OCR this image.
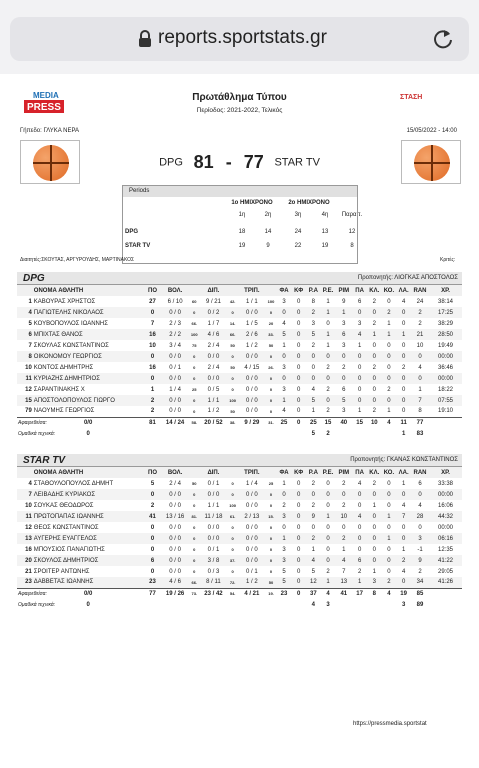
reports.sportstats.gr
MEDIA
PRESS
Πρωτάθλημα Τύπου
Περίοδος: 2021-2022, Τελικός
ΣΤΑΣΗ
Γήπεδο: ΓΛΥΚΑ ΝΕΡΑ	15/05/2022 - 14:00
DPG 81 - 77 STAR TV
Periods
1ο ΗΜΙΧΡΟΝΟ	2ο ΗΜΙΧΡΟΝΟ
1η	2η	3η	4η	Παρα τ.
DPG	18	14	24	13	12
STAR TV	19	9	22	19	8
Διαιτητές:ΣΚΟΥΤΑΣ, ΑΡΓΥΡΟΥΔΗΣ, ΜΑΡΤΙΝΑΚΟΣ	Κριτές:
DPG	Προπονητής: ΛΙΟΓΚΑΣ ΑΠΟΣΤΟΛΟΣ
	ΟΝΟΜΑ ΑΘΛΗΤΗ	ΠΟ	ΒΟΛ.		ΔΙΠ.		ΤΡΙΠ.		ΦΑ	ΚΦ	Ρ.Α	Ρ.Ε.	ΡΙΜ	ΠΑ	ΚΛ.	ΚΟ.	ΛΑ.	RAN	ΧΡ.
1	ΚΑΒΟΥΡΑΣ ΧΡΗΣΤΟΣ	27	6 / 10	60	9 / 21	42.	1 / 1	100	3	0	8	1	9	6	2	0	4	24	38:14
4	ΠΑΓΙΩΤΕΛΗΣ ΝΙΚΟΛΑΟΣ	0	0 / 0	0	0 / 2	0	0 / 0	0	0	0	2	1	1	0	0	2	0	2	17:25
5	ΚΟΥΒΟΠΟΥΛΟΣ ΙΩΑΝΝΗΣ	7	2 / 3	66.	1 / 7	14.	1 / 5	20	4	0	3	0	3	3	2	1	0	2	38:29
6	ΜΠΙΧΤΑΣ ΘΑΝΟΣ	16	2 / 2	100	4 / 6	66.	2 / 6	33.	5	0	5	1	6	4	1	1	1	21	28:50
7	ΣΚΟΥΛΑΣ ΚΩΝΣΤΑΝΤΙΝΟΣ	10	3 / 4	75	2 / 4	50	1 / 2	50	1	0	2	1	3	1	0	0	0	10	19:49
8	ΟΙΚΟΝΟΜΟΥ ΓΕΩΡΓΙΟΣ	0	0 / 0	0	0 / 0	0	0 / 0	0	0	0	0	0	0	0	0	0	0	0	00:00
10	ΚΟΝΤΟΣ ΔΗΜΗΤΡΗΣ	16	0 / 1	0	2 / 4	50	4 / 15	26.	3	0	0	2	2	0	2	0	2	4	36:46
11	ΚΥΡΙΑΖΗΣ ΔΗΜΗΤΡΙΟΣ	0	0 / 0	0	0 / 0	0	0 / 0	0	0	0	0	0	0	0	0	0	0	0	00:00
12	ΣΑΡΑΝΤΙΝΑΚΗΣ Χ	1	1 / 4	25	0 / 5	0	0 / 0	0	3	0	4	2	6	0	0	2	0	1	18:22
15	ΑΠΟΣΤΟΛΟΠΟΥΛΟΣ ΓΙΩΡΓΟ	2	0 / 0	0	1 / 1	100	0 / 0	0	1	0	5	0	5	0	0	0	0	7	07:55
79	ΝΑΟΥΜΗΣ ΓΕΩΡΓΙΟΣ	2	0 / 0	0	1 / 2	50	0 / 0	0	4	0	1	2	3	1	2	1	0	8	19:10
Αφαιρεθείσα:	0/0	81	14 / 24	58.	20 / 52	38.	9 / 29	31.	25	0	25	15	40	15	10	4	11	77	
Ομαδικά τεχνικά:	0										5	2					1	83	
STAR TV	Προπονητής: ΓΚΑΝΑΣ ΚΩΝΣΤΑΝΤΙΝΟΣ
	ΟΝΟΜΑ ΑΘΛΗΤΗ	ΠΟ	ΒΟΛ.		ΔΙΠ.		ΤΡΙΠ.		ΦΑ	ΚΦ	Ρ.Α	Ρ.Ε.	ΡΙΜ	ΠΑ	ΚΛ.	ΚΟ.	ΛΑ.	RAN	ΧΡ.
4	ΣΤΑΘΟΥΛΟΠΟΥΛΟΣ ΔΗΜΗΤ	5	2 / 4	50	0 / 1	0	1 / 4	25	1	0	2	0	2	4	2	0	1	6	33:38
7	ΛΕΙΒΑΔΗΣ ΚΥΡΙΑΚΟΣ	0	0 / 0	0	0 / 0	0	0 / 0	0	0	0	0	0	0	0	0	0	0	0	00:00
10	ΣΟΥΚΑΣ ΘΕΟΔΩΡΟΣ	2	0 / 0	0	1 / 1	100	0 / 0	0	2	0	2	0	2	0	1	0	4	4	16:06
11	ΠΡΩΤΟΠΑΠΑΣ ΙΩΑΝΝΗΣ	41	13 / 16	81.	11 / 18	61.	2 / 13	15.	3	0	9	1	10	4	0	1	7	28	44:32
12	ΘΕΟΣ ΚΩΝΣΤΑΝΤΙΝΟΣ	0	0 / 0	0	0 / 0	0	0 / 0	0	0	0	0	0	0	0	0	0	0	0	00:00
13	ΑΥΓΕΡΗΣ ΕΥΑΓΓΕΛΟΣ	0	0 / 0	0	0 / 0	0	0 / 0	0	1	0	2	0	2	0	0	1	0	3	06:16
16	ΜΠΟΥΣΙΟΣ ΠΑΝΑΓΙΩΤΗΣ	0	0 / 0	0	0 / 1	0	0 / 0	0	3	0	1	0	1	0	0	0	1	-1	12:35
20	ΣΚΟΥΛΟΣ ΔΗΜΗΤΡΙΟΣ	6	0 / 0	0	3 / 8	37.	0 / 0	0	3	0	4	0	4	6	0	0	2	9	41:22
21	ΣΡΟΙΤΕΡ ΑΝΤΩΝΗΣ	0	0 / 0	0	0 / 3	0	0 / 1	0	5	0	5	2	7	2	1	0	4	2	29:05
23	ΔΑΒΒΕΤΑΣ ΙΩΑΝΝΗΣ	23	4 / 6	66.	8 / 11	72.	1 / 2	50	5	0	12	1	13	1	3	2	0	34	41:26
Αφαιρεθείσα:	0/0	77	19 / 26	73.	23 / 42	54.	4 / 21	19.	23	0	37	4	41	17	8	4	19	85	
Ομαδικά τεχνικά:	0										4	3					3	89	
https://pressmedia.sportstat
